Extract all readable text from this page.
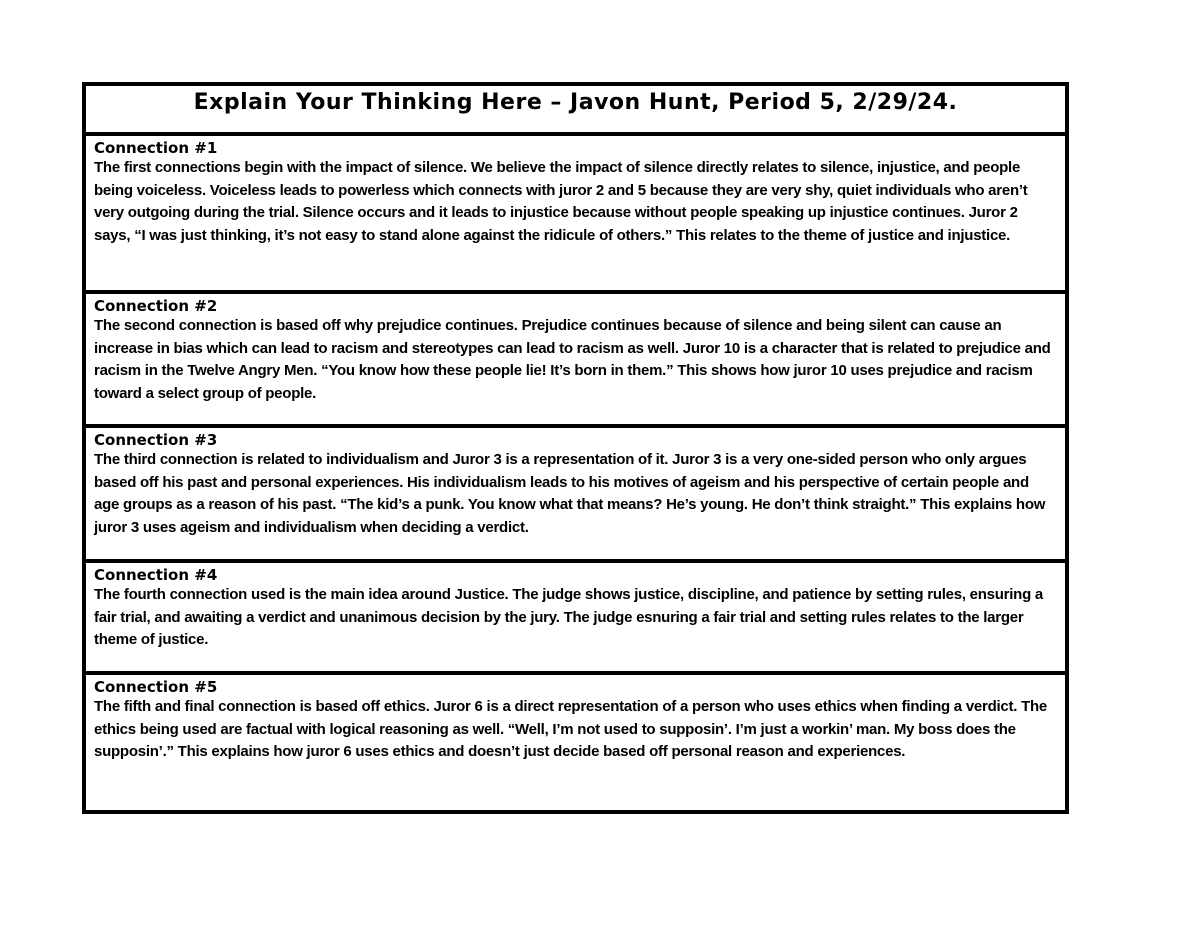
Explain Your Thinking Here – Javon Hunt, Period 5, 2/29/24.
Connection #1
The first connections begin with the impact of silence. We believe the impact of silence directly relates to silence, injustice, and people being voiceless. Voiceless leads to powerless which connects with juror 2 and 5 because they are very shy, quiet individuals who aren’t very outgoing during the trial. Silence occurs and it leads to injustice because without people speaking up injustice continues. Juror 2 says, “I was just thinking, it’s not easy to stand alone against the ridicule of others.” This relates to the theme of justice and injustice.
Connection #2
The second connection is based off why prejudice continues. Prejudice continues because of silence and being silent can cause an increase in bias which can lead to racism and stereotypes can lead to racism as well. Juror 10 is a character that is related to prejudice and racism in the Twelve Angry Men. “You know how these people lie! It’s born in them.” This shows how juror 10 uses prejudice and racism toward a select group of people.
Connection #3
The third connection is related to individualism and Juror 3 is a representation of it. Juror 3 is a very one-sided person who only argues based off his past and personal experiences. His individualism leads to his motives of ageism and his perspective of certain people and age groups as a reason of his past. “The kid’s a punk. You know what that means? He’s young. He don’t think straight.” This explains how juror 3 uses ageism and individualism when deciding a verdict.
Connection #4
The fourth connection used is the main idea around Justice. The judge shows justice, discipline, and patience by setting rules, ensuring a fair trial, and awaiting a verdict and unanimous decision by the jury. The judge esnuring a fair trial and setting rules relates to the larger theme of justice.
Connection #5
The fifth and final connection is based off ethics. Juror 6 is a direct representation of a person who uses ethics when finding a verdict. The ethics being used are factual with logical reasoning as well. “Well, I’m not used to supposin’. I’m just a workin’ man. My boss does the supposin’.” This explains how juror 6 uses ethics and doesn’t just decide based off personal reason and experiences.
